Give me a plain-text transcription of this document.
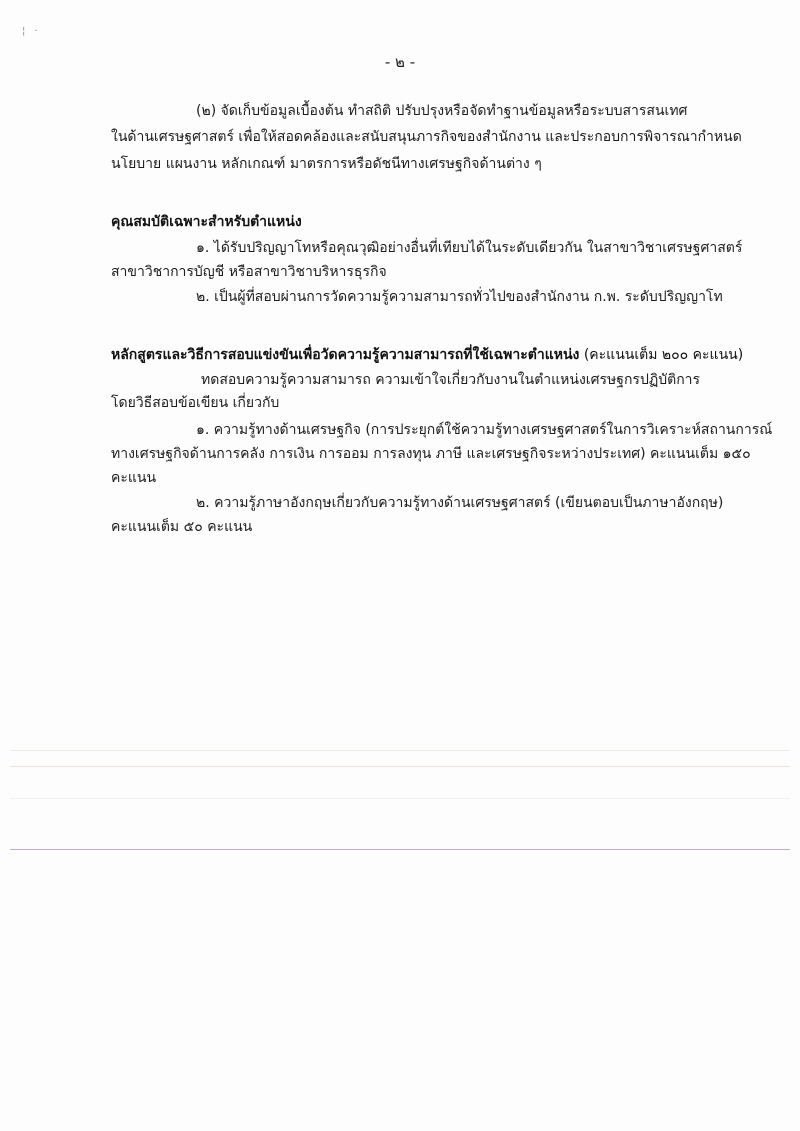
¦ ·
- ๒ -
(๒) จัดเก็บข้อมูลเบื้องต้น ทำสถิติ ปรับปรุงหรือจัดทำฐานข้อมูลหรือระบบสารสนเทศ
ในด้านเศรษฐศาสตร์ เพื่อให้สอดคล้องและสนับสนุนภารกิจของสำนักงาน และประกอบการพิจารณากำหนด
นโยบาย แผนงาน หลักเกณฑ์ มาตรการหรือดัชนีทางเศรษฐกิจด้านต่าง ๆ
คุณสมบัติเฉพาะสำหรับตำแหน่ง
๑. ได้รับปริญญาโทหรือคุณวุฒิอย่างอื่นที่เทียบได้ในระดับเดียวกัน ในสาขาวิชาเศรษฐศาสตร์
สาขาวิชาการบัญชี หรือสาขาวิชาบริหารธุรกิจ
๒. เป็นผู้ที่สอบผ่านการวัดความรู้ความสามารถทั่วไปของสำนักงาน ก.พ. ระดับปริญญาโท
หลักสูตรและวิธีการสอบแข่งขันเพื่อวัดความรู้ความสามารถที่ใช้เฉพาะตำแหน่ง (คะแนนเต็ม ๒๐๐ คะแนน)
ทดสอบความรู้ความสามารถ ความเข้าใจเกี่ยวกับงานในตำแหน่งเศรษฐกรปฏิบัติการ
โดยวิธีสอบข้อเขียน เกี่ยวกับ
๑. ความรู้ทางด้านเศรษฐกิจ (การประยุกต์ใช้ความรู้ทางเศรษฐศาสตร์ในการวิเคราะห์สถานการณ์
ทางเศรษฐกิจด้านการคลัง การเงิน การออม การลงทุน ภาษี และเศรษฐกิจระหว่างประเทศ) คะแนนเต็ม ๑๕๐
คะแนน
๒. ความรู้ภาษาอังกฤษเกี่ยวกับความรู้ทางด้านเศรษฐศาสตร์ (เขียนตอบเป็นภาษาอังกฤษ)
คะแนนเต็ม ๕๐ คะแนน
